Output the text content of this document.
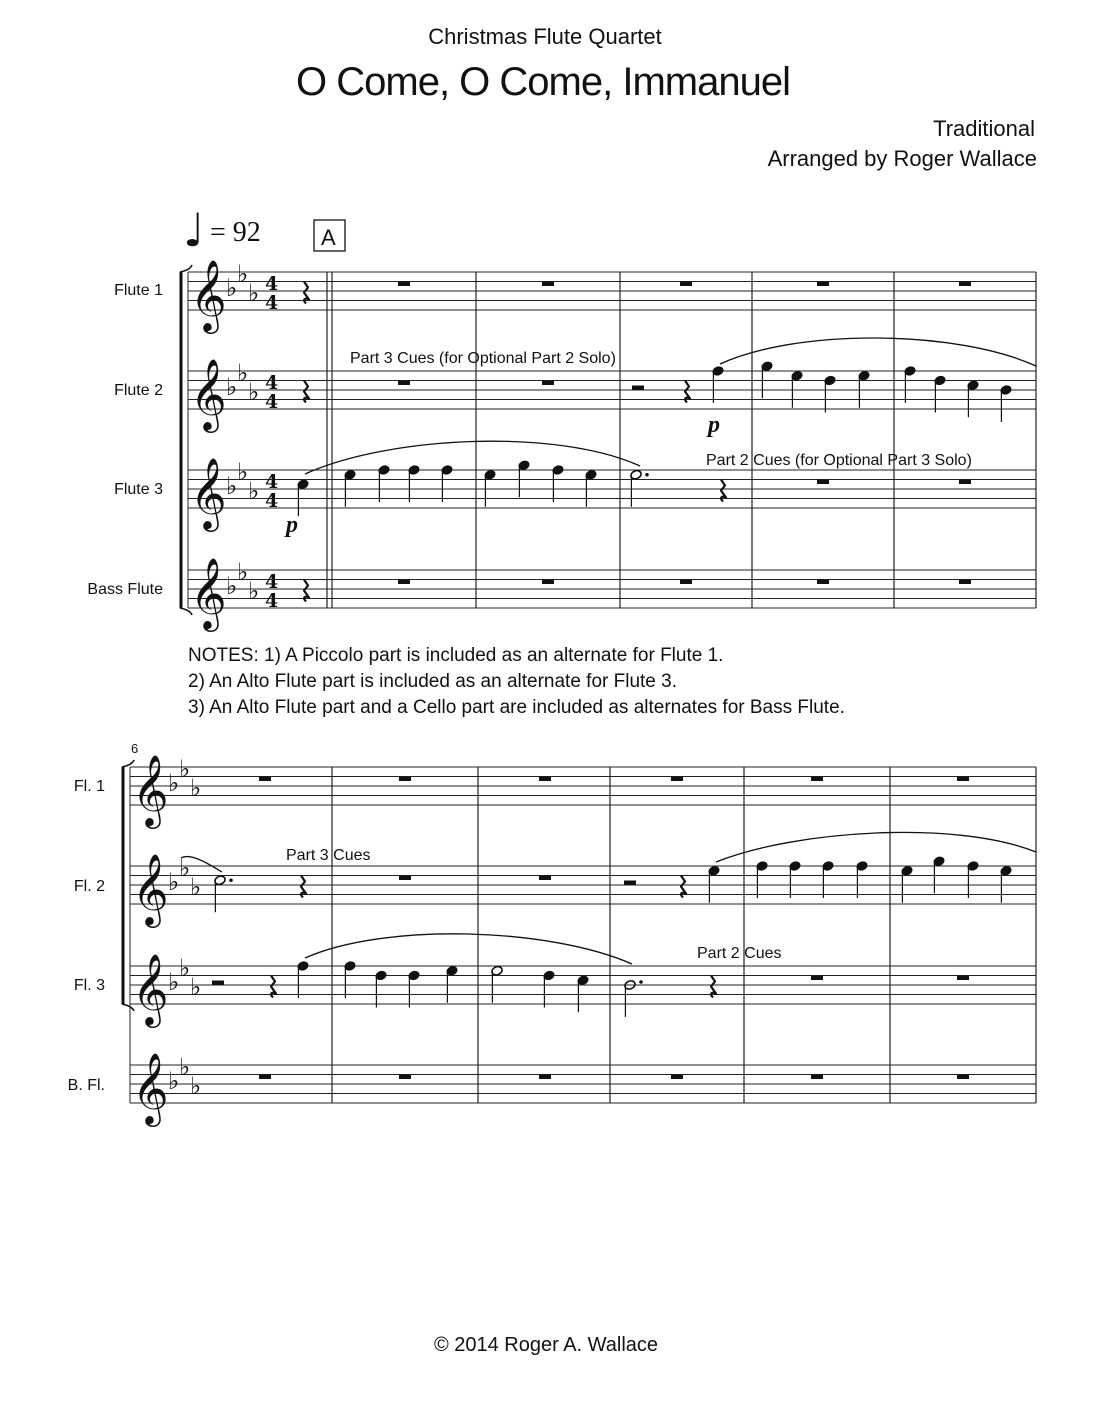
Christmas Flute Quartet
O Come, O Come, Immanuel
Traditional
Arranged by Roger Wallace
NOTES: 1) A Piccolo part is included as an alternate for Flute 1.
2) An Alto Flute part is included as an alternate for Flute 3.
3) An Alto Flute part and a Cello part are included as alternates for Bass Flute.
© 2014 Roger A. Wallace
♩ = 92	A
Flute 1
Flute 2
Flute 3
Bass Flute
Part 3 Cues (for Optional Part 2 Solo)
Part 2 Cues (for Optional Part 3 Solo)
p
p
6
Fl. 1
Fl. 2
Fl. 3
B. Fl.
Part 3 Cues
Part 2 Cues
𝄞 ♭
♭
♭ 4
4
𝄞 ♭
♭
♭ 4
4
𝄞 ♭
♭
♭ 4
4
𝄞 ♭
♭
♭ 4
4
𝄞 ♭
♭
♭
𝄞 ♭
♭
♭
𝄞 ♭
♭
♭
𝄞 ♭
♭
♭
